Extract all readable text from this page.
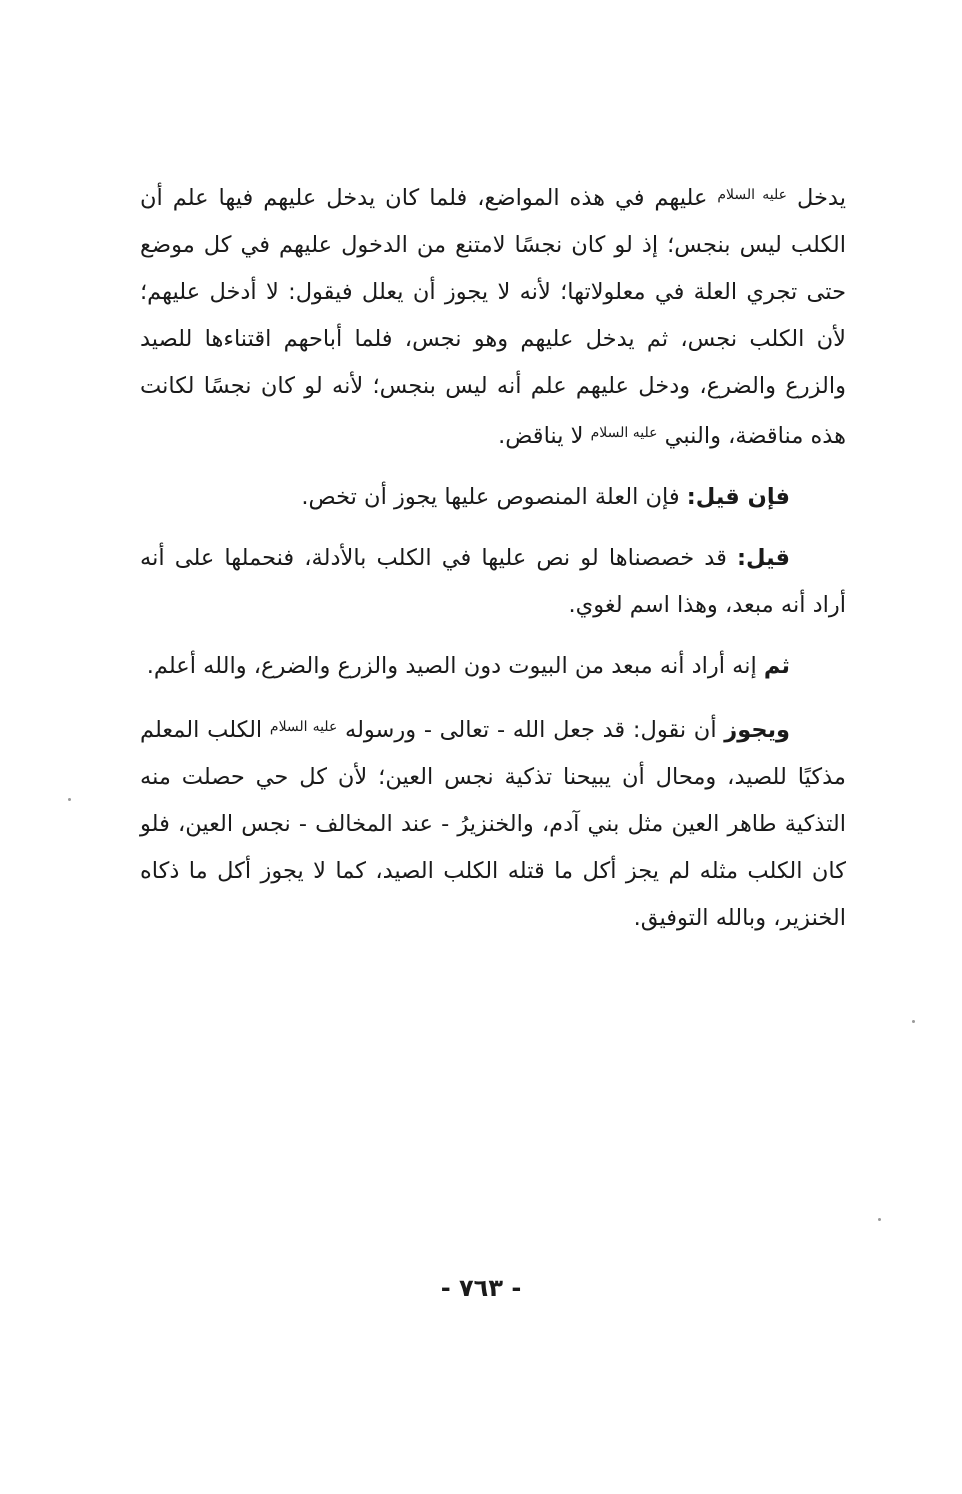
يدخل $^{عليه السلام}$ عليهم في هذه المواضع، فلما كان يدخل عليهم فيها علم أن الكلب ليس بنجس؛ إذ لو كان نجسًا لامتنع من الدخول عليهم في كل موضع حتى تجري العلة في معلولاتها؛ لأنه لا يجوز أن يعلل فيقول: لا أدخل عليهم؛ لأن الكلب نجس، ثم يدخل عليهم وهو نجس، فلما أباحهم اقتناءها للصيد والزرع والضرع، ودخل عليهم علم أنه ليس بنجس؛ لأنه لو كان نجسًا لكانت هذه مناقضة، والنبي $^{عليه السلام}$ لا يناقض.

فإن قيل: فإن العلة المنصوص عليها يجوز أن تخص.

قيل: قد خصصناها لو نص عليها في الكلب بالأدلة، فنحملها على أنه أراد أنه مبعد، وهذا اسم لغوي.

ثم إنه أراد أنه مبعد من البيوت دون الصيد والزرع والضرع، والله أعلم.

ويجوز أن نقول: قد جعل الله - تعالى - ورسوله $^{عليه السلام}$ الكلب المعلم مذكيًا للصيد، ومحال أن يبيحنا تذكية نجس العين؛ لأن كل حي حصلت منه التذكية طاهر العين مثل بني آدم، والخنزيرُ - عند المخالف - نجس العين، فلو كان الكلب مثله لم يجز أكل ما قتله الكلب الصيد، كما لا يجوز أكل ما ذكاه الخنزير، وبالله التوفيق.

- ٧٦٣ -
